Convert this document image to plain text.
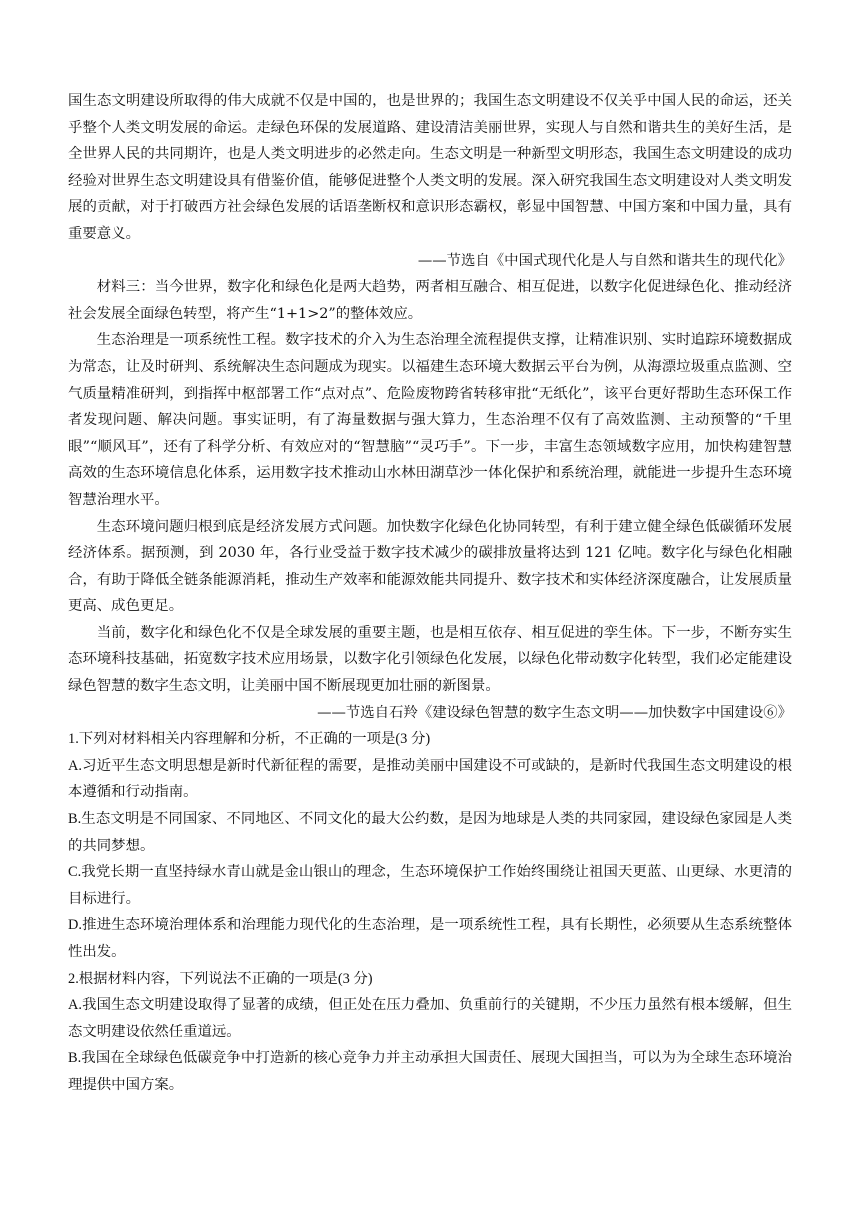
国生态文明建设所取得的伟大成就不仅是中国的，也是世界的；我国生态文明建设不仅关乎中国人民的命运，还关乎整个人类文明发展的命运。走绿色环保的发展道路、建设清洁美丽世界，实现人与自然和谐共生的美好生活，是全世界人民的共同期许，也是人类文明进步的必然走向。生态文明是一种新型文明形态，我国生态文明建设的成功经验对世界生态文明建设具有借鉴价值，能够促进整个人类文明的发展。深入研究我国生态文明建设对人类文明发展的贡献，对于打破西方社会绿色发展的话语垄断权和意识形态霸权，彰显中国智慧、中国方案和中国力量，具有重要意义。

——节选自《中国式现代化是人与自然和谐共生的现代化》

材料三：当今世界，数字化和绿色化是两大趋势，两者相互融合、相互促进，以数字化促进绿色化、推动经济社会发展全面绿色转型，将产生“1+1>2”的整体效应。

生态治理是一项系统性工程。数字技术的介入为生态治理全流程提供支撑，让精准识别、实时追踪环境数据成为常态，让及时研判、系统解决生态问题成为现实。以福建生态环境大数据云平台为例，从海漂垃圾重点监测、空气质量精准研判，到指挥中枢部署工作“点对点”、危险废物跨省转移审批“无纸化”，该平台更好帮助生态环保工作者发现问题、解决问题。事实证明，有了海量数据与强大算力，生态治理不仅有了高效监测、主动预警的“千里眼”“顺风耳”，还有了科学分析、有效应对的“智慧脑”“灵巧手”。下一步，丰富生态领域数字应用，加快构建智慧高效的生态环境信息化体系，运用数字技术推动山水林田湖草沙一体化保护和系统治理，就能进一步提升生态环境智慧治理水平。

生态环境问题归根到底是经济发展方式问题。加快数字化绿色化协同转型，有利于建立健全绿色低碳循环发展经济体系。据预测，到 2030 年，各行业受益于数字技术减少的碳排放量将达到 121 亿吨。数字化与绿色化相融合，有助于降低全链条能源消耗，推动生产效率和能源效能共同提升、数字技术和实体经济深度融合，让发展质量更高、成色更足。

当前，数字化和绿色化不仅是全球发展的重要主题，也是相互依存、相互促进的孪生体。下一步，不断夯实生态环境科技基础，拓宽数字技术应用场景，以数字化引领绿色化发展，以绿色化带动数字化转型，我们必定能建设绿色智慧的数字生态文明，让美丽中国不断展现更加壮丽的新图景。

——节选自石羚《建设绿色智慧的数字生态文明——加快数字中国建设⑥》

1.下列对材料相关内容理解和分析，不正确的一项是(3 分)

A.习近平生态文明思想是新时代新征程的需要，是推动美丽中国建设不可或缺的，是新时代我国生态文明建设的根本遵循和行动指南。

B.生态文明是不同国家、不同地区、不同文化的最大公约数，是因为地球是人类的共同家园，建设绿色家园是人类的共同梦想。

C.我党长期一直坚持绿水青山就是金山银山的理念，生态环境保护工作始终围绕让祖国天更蓝、山更绿、水更清的目标进行。

D.推进生态环境治理体系和治理能力现代化的生态治理，是一项系统性工程，具有长期性，必须要从生态系统整体性出发。

2.根据材料内容，下列说法不正确的一项是(3 分)

A.我国生态文明建设取得了显著的成绩，但正处在压力叠加、负重前行的关键期，不少压力虽然有根本缓解，但生态文明建设依然任重道远。

B.我国在全球绿色低碳竞争中打造新的核心竞争力并主动承担大国责任、展现大国担当，可以为为全球生态环境治理提供中国方案。
